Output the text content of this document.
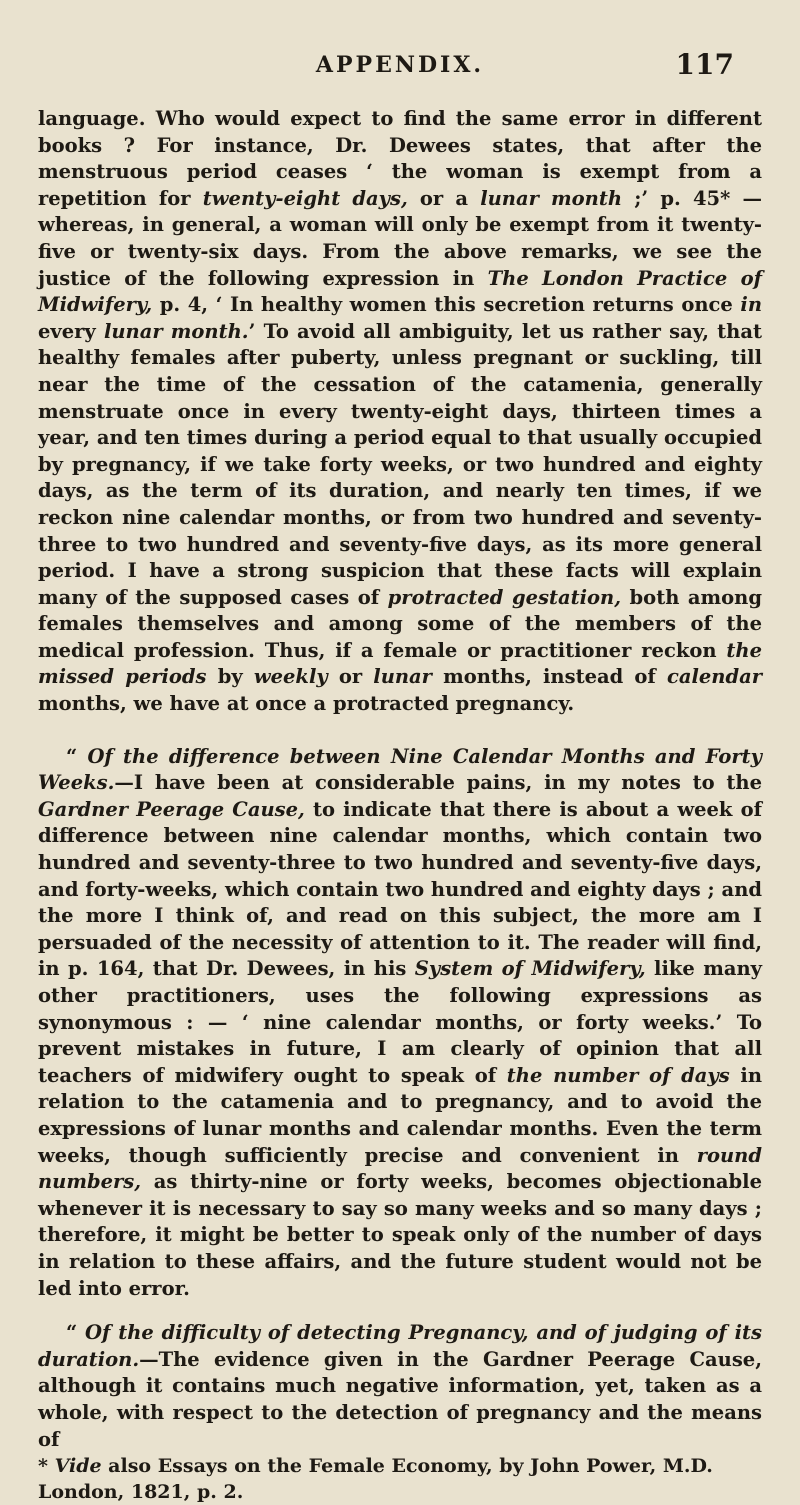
APPENDIX.	117

language. Who would expect to find the same error in different books ? For instance, Dr. Dewees states, that after the menstruous period ceases ‘ the woman is exempt from a repetition for twenty-eight days, or a lunar month ;’ p. 45* — whereas, in general, a woman will only be exempt from it twenty-five or twenty-six days. From the above remarks, we see the justice of the following expression in The London Practice of Midwifery, p. 4, ‘ In healthy women this secretion returns once in every lunar month.’ To avoid all ambiguity, let us rather say, that healthy females after puberty, unless pregnant or suckling, till near the time of the cessation of the catamenia, generally menstruate once in every twenty-eight days, thirteen times a year, and ten times during a period equal to that usually occupied by pregnancy, if we take forty weeks, or two hundred and eighty days, as the term of its duration, and nearly ten times, if we reckon nine calendar months, or from two hundred and seventy-three to two hundred and seventy-five days, as its more general period. I have a strong suspicion that these facts will explain many of the supposed cases of protracted gestation, both among females themselves and among some of the members of the medical profession. Thus, if a female or practitioner reckon the missed periods by weekly or lunar months, instead of calendar months, we have at once a protracted pregnancy.

“ Of the difference between Nine Calendar Months and Forty Weeks.—I have been at considerable pains, in my notes to the Gardner Peerage Cause, to indicate that there is about a week of difference between nine calendar months, which contain two hundred and seventy-three to two hundred and seventy-five days, and forty-weeks, which contain two hundred and eighty days ; and the more I think of, and read on this subject, the more am I persuaded of the necessity of attention to it. The reader will find, in p. 164, that Dr. Dewees, in his System of Midwifery, like many other practitioners, uses the following expressions as synonymous : — ‘ nine calendar months, or forty weeks.’ To prevent mistakes in future, I am clearly of opinion that all teachers of midwifery ought to speak of the number of days in relation to the catamenia and to pregnancy, and to avoid the expressions of lunar months and calendar months. Even the term weeks, though sufficiently precise and convenient in round numbers, as thirty-nine or forty weeks, becomes objectionable whenever it is necessary to say so many weeks and so many days ; therefore, it might be better to speak only of the number of days in relation to these affairs, and the future student would not be led into error.

“ Of the difficulty of detecting Pregnancy, and of judging of its duration.—The evidence given in the Gardner Peerage Cause, although it contains much negative information, yet, taken as a whole, with respect to the detection of pregnancy and the means of

* Vide also Essays on the Female Economy, by John Power, M.D. London, 1821, p. 2.
